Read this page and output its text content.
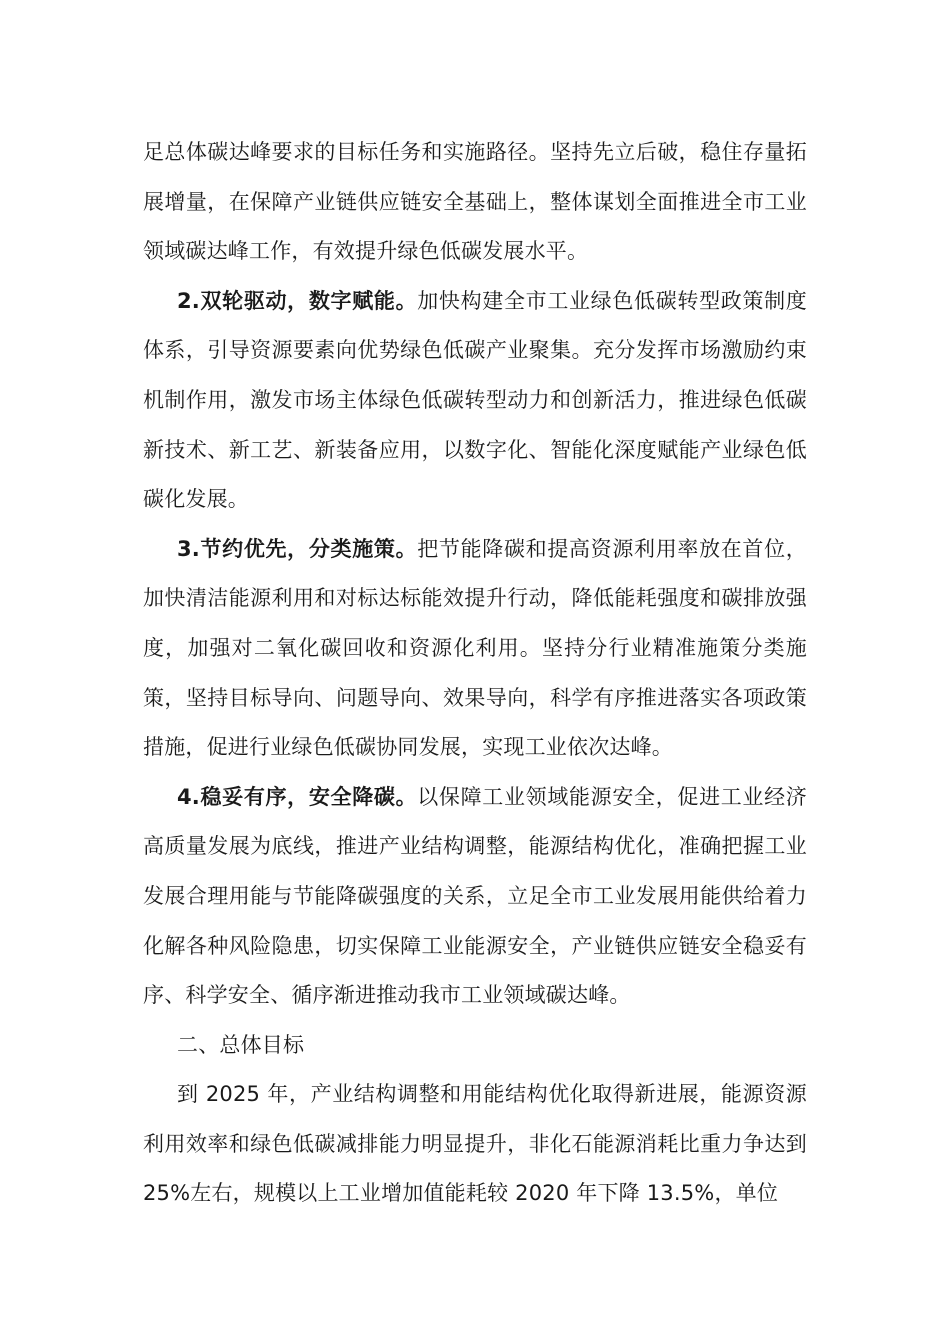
足总体碳达峰要求的目标任务和实施路径。坚持先立后破，稳住存量拓展增量，在保障产业链供应链安全基础上，整体谋划全面推进全市工业领域碳达峰工作，有效提升绿色低碳发展水平。

2.双轮驱动，数字赋能。加快构建全市工业绿色低碳转型政策制度体系，引导资源要素向优势绿色低碳产业聚集。充分发挥市场激励约束机制作用，激发市场主体绿色低碳转型动力和创新活力，推进绿色低碳新技术、新工艺、新装备应用，以数字化、智能化深度赋能产业绿色低碳化发展。

3.节约优先，分类施策。把节能降碳和提高资源利用率放在首位，加快清洁能源利用和对标达标能效提升行动，降低能耗强度和碳排放强度，加强对二氧化碳回收和资源化利用。坚持分行业精准施策分类施策，坚持目标导向、问题导向、效果导向，科学有序推进落实各项政策措施，促进行业绿色低碳协同发展，实现工业依次达峰。

4.稳妥有序，安全降碳。以保障工业领域能源安全，促进工业经济高质量发展为底线，推进产业结构调整，能源结构优化，准确把握工业发展合理用能与节能降碳强度的关系，立足全市工业发展用能供给着力化解各种风险隐患，切实保障工业能源安全，产业链供应链安全稳妥有序、科学安全、循序渐进推动我市工业领域碳达峰。

二、总体目标

到 2025 年，产业结构调整和用能结构优化取得新进展，能源资源利用效率和绿色低碳减排能力明显提升，非化石能源消耗比重力争达到 25%左右，规模以上工业增加值能耗较 2020 年下降 13.5%，单位
